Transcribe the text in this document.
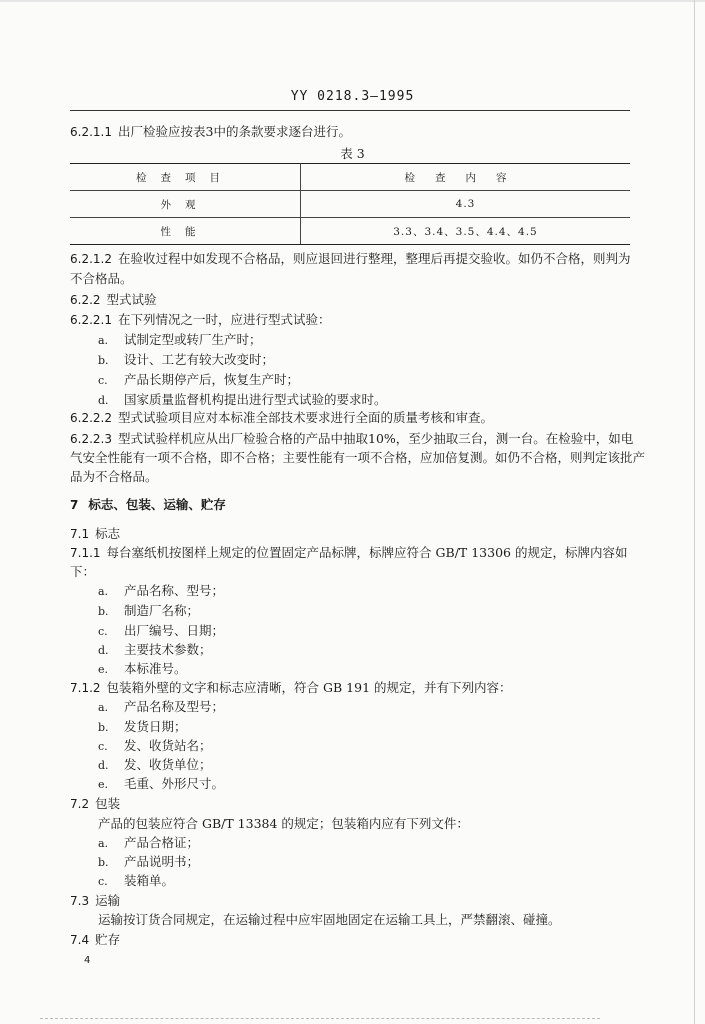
YY 0218.3—1995
6.2.1.1 出厂检验应按表3中的条款要求逐台进行。
表 3
检查项目	检查内容
外观	4.3
性能	3.3、3.4、3.5、4.4、4.5
6.2.1.2 在验收过程中如发现不合格品，则应退回进行整理，整理后再提交验收。如仍不合格，则判为
不合格品。
6.2.2 型式试验
6.2.2.1 在下列情况之一时，应进行型式试验：
a. 试制定型或转厂生产时；
b. 设计、工艺有较大改变时；
c. 产品长期停产后，恢复生产时；
d. 国家质量监督机构提出进行型式试验的要求时。
6.2.2.2 型式试验项目应对本标准全部技术要求进行全面的质量考核和审查。
6.2.2.3 型式试验样机应从出厂检验合格的产品中抽取10%，至少抽取三台，测一台。在检验中，如电
气安全性能有一项不合格，即不合格；主要性能有一项不合格，应加倍复测。如仍不合格，则判定该批产
品为不合格品。
7 标志、包装、运输、贮存
7.1 标志
7.1.1 每台塞纸机按图样上规定的位置固定产品标牌，标牌应符合 GB/T 13306 的规定，标牌内容如
下：
a. 产品名称、型号；
b. 制造厂名称；
c. 出厂编号、日期；
d. 主要技术参数；
e. 本标准号。
7.1.2 包装箱外壁的文字和标志应清晰，符合 GB 191 的规定，并有下列内容：
a. 产品名称及型号；
b. 发货日期；
c. 发、收货站名；
d. 发、收货单位；
e. 毛重、外形尺寸。
7.2 包装
产品的包装应符合 GB/T 13384 的规定；包装箱内应有下列文件：
a. 产品合格证；
b. 产品说明书；
c. 装箱单。
7.3 运输
运输按订货合同规定，在运输过程中应牢固地固定在运输工具上，严禁翻滚、碰撞。
7.4 贮存
4
